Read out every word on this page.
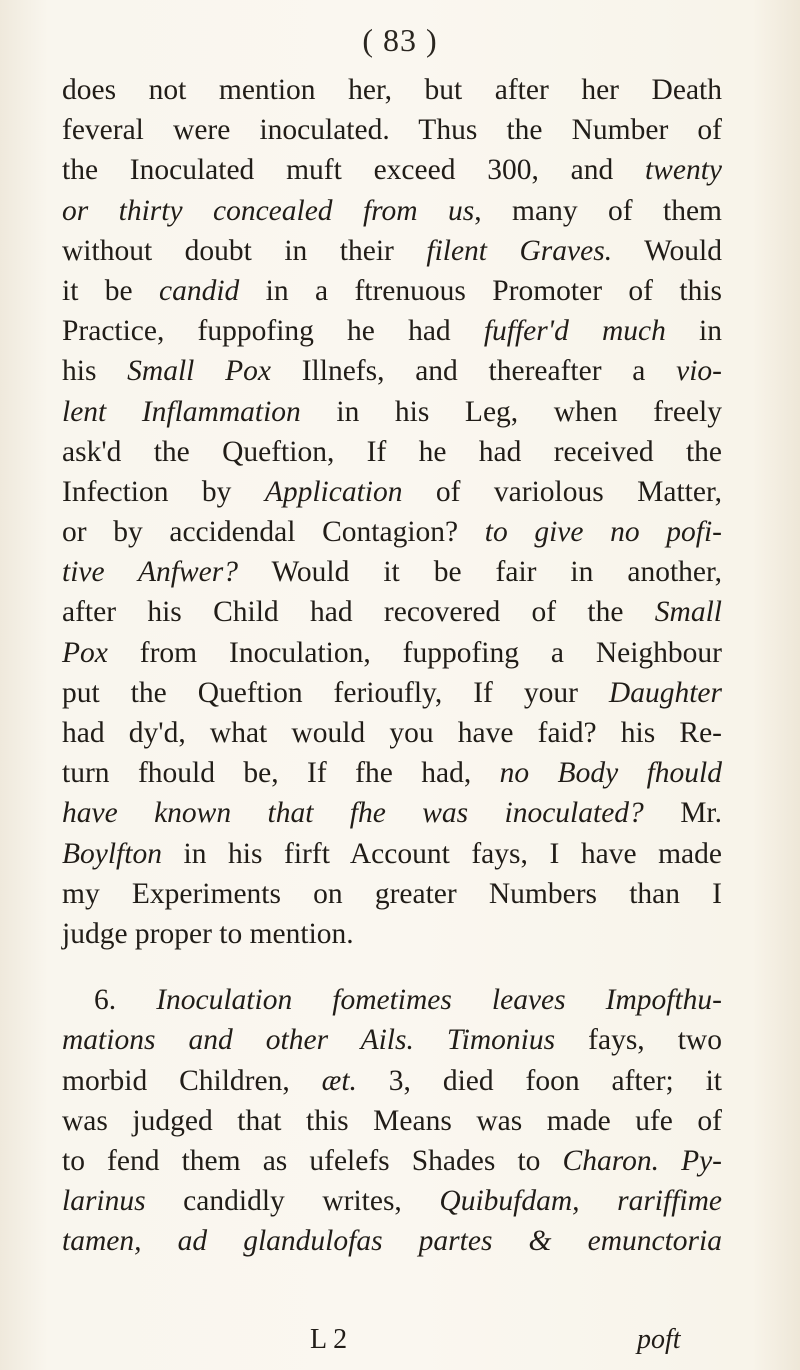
( 83 )
does not mention her, but after her Death
feveral were inoculated. Thus the Number of
the Inoculated muft exceed 300, and twenty
or thirty concealed from us, many of them
without doubt in their filent Graves. Would
it be candid in a ftrenuous Promoter of this
Practice, fuppofing he had fuffer'd much in
his Small Pox Illnefs, and thereafter a vio-
lent Inflammation in his Leg, when freely
ask'd the Queftion, If he had received the
Infection by Application of variolous Matter,
or by accidendal Contagion? to give no pofi-
tive Anfwer? Would it be fair in another,
after his Child had recovered of the Small
Pox from Inoculation, fuppofing a Neighbour
put the Queftion ferioufly, If your Daughter
had dy'd, what would you have faid? his Re-
turn fhould be, If fhe had, no Body fhould
have known that fhe was inoculated? Mr.
Boylfton in his firft Account fays, I have made
my Experiments on greater Numbers than I
judge proper to mention.
6. Inoculation fometimes leaves Impofthu-
mations and other Ails. Timonius fays, two
morbid Children, æt. 3, died foon after; it
was judged that this Means was made ufe of
to fend them as ufelefs Shades to Charon. Py-
larinus candidly writes, Quibufdam, rariffime
tamen, ad glandulofas partes & emunctoria
L 2	poft
